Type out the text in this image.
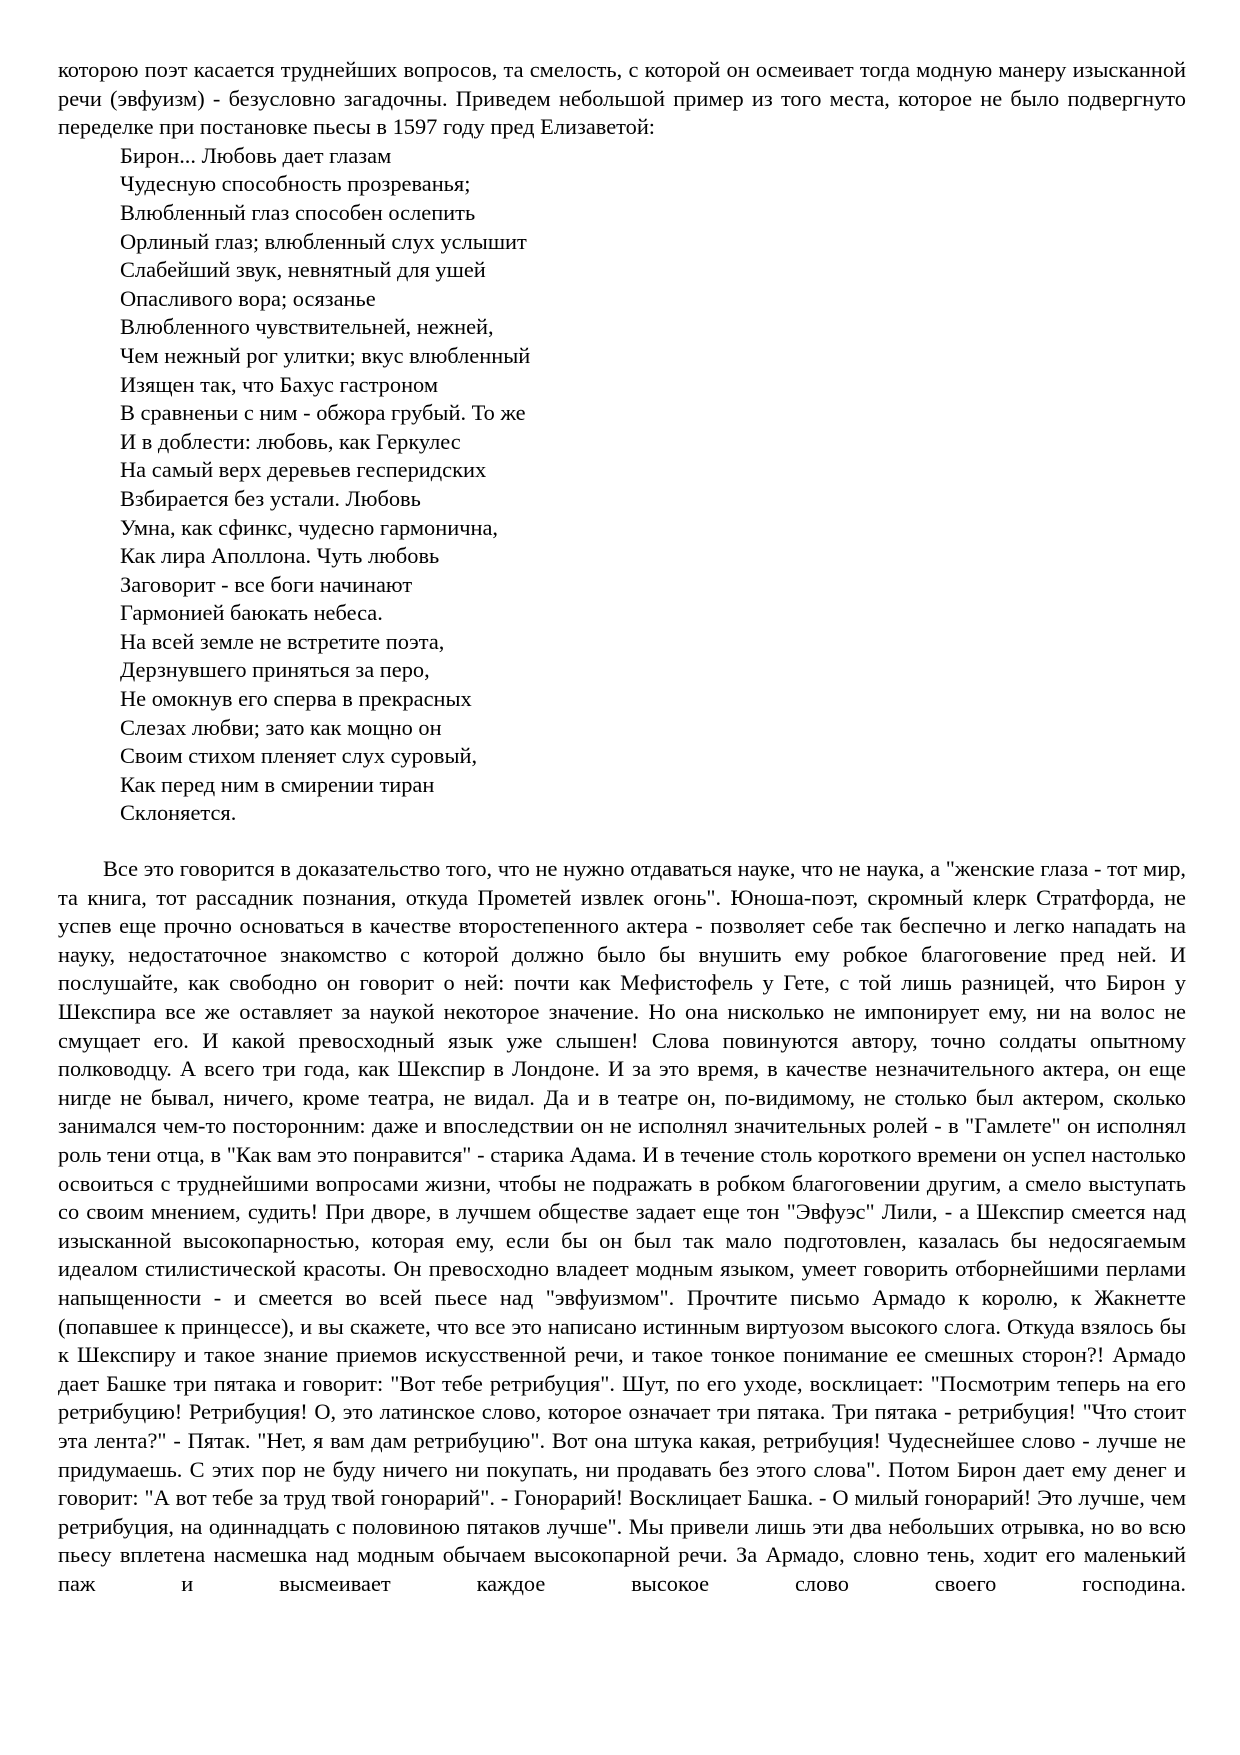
которою поэт касается труднейших вопросов, та смелость, с которой он осмеивает тогда модную манеру изысканной речи (эвфуизм) - безусловно загадочны. Приведем небольшой пример из того места, которое не было подвергнуто переделке при постановке пьесы в 1597 году пред Елизаветой:

Бирон... Любовь дает глазам
Чудесную способность прозреванья;
Влюбленный глаз способен ослепить
Орлиный глаз; влюбленный слух услышит
Слабейший звук, невнятный для ушей
Опасливого вора; осязанье
Влюбленного чувствительней, нежней,
Чем нежный рог улитки; вкус влюбленный
Изящен так, что Бахус гастроном
В сравненьи с ним - обжора грубый. То же
И в доблести: любовь, как Геркулес
На самый верх деревьев гесперидских
Взбирается без устали. Любовь
Умна, как сфинкс, чудесно гармонична,
Как лира Аполлона. Чуть любовь
Заговорит - все боги начинают
Гармонией баюкать небеса.
На всей земле не встретите поэта,
Дерзнувшего приняться за перо,
Не омокнув его сперва в прекрасных
Слезах любви; зато как мощно он
Своим стихом пленяет слух суровый,
Как перед ним в смирении тиран
Склоняется.

Все это говорится в доказательство того, что не нужно отдаваться науке, что не наука, а "женские глаза - тот мир, та книга, тот рассадник познания, откуда Прометей извлек огонь". Юноша-поэт, скромный клерк Стратфорда, не успев еще прочно основаться в качестве второстепенного актера - позволяет себе так беспечно и легко нападать на науку, недостаточное знакомство с которой должно было бы внушить ему робкое благоговение пред ней. И послушайте, как свободно он говорит о ней: почти как Мефистофель у Гете, с той лишь разницей, что Бирон у Шекспира все же оставляет за наукой некоторое значение. Но она нисколько не импонирует ему, ни на волос не смущает его. И какой превосходный язык уже слышен! Слова повинуются автору, точно солдаты опытному полководцу. А всего три года, как Шекспир в Лондоне. И за это время, в качестве незначительного актера, он еще нигде не бывал, ничего, кроме театра, не видал. Да и в театре он, по-видимому, не столько был актером, сколько занимался чем-то посторонним: даже и впоследствии он не исполнял значительных ролей - в "Гамлете" он исполнял роль тени отца, в "Как вам это понравится" - старика Адама. И в течение столь короткого времени он успел настолько освоиться с труднейшими вопросами жизни, чтобы не подражать в робком благоговении другим, а смело выступать со своим мнением, судить! При дворе, в лучшем обществе задает еще тон "Эвфуэс" Лили, - а Шекспир смеется над изысканной высокопарностью, которая ему, если бы он был так мало подготовлен, казалась бы недосягаемым идеалом стилистической красоты. Он превосходно владеет модным языком, умеет говорить отборнейшими перлами напыщенности - и смеется во всей пьесе над "эвфуизмом". Прочтите письмо Армадо к королю, к Жакнетте (попавшее к принцессе), и вы скажете, что все это написано истинным виртуозом высокого слога. Откуда взялось бы к Шекспиру и такое знание приемов искусственной речи, и такое тонкое понимание ее смешных сторон?! Армадо дает Башке три пятака и говорит: "Вот тебе ретрибуция". Шут, по его уходе, восклицает: "Посмотрим теперь на его ретрибуцию! Ретрибуция! О, это латинское слово, которое означает три пятака. Три пятака - ретрибуция! "Что стоит эта лента?" - Пятак. "Нет, я вам дам ретрибуцию". Вот она штука какая, ретрибуция! Чудеснейшее слово - лучше не придумаешь. С этих пор не буду ничего ни покупать, ни продавать без этого слова". Потом Бирон дает ему денег и говорит: "А вот тебе за труд твой гонорарий". - Гонорарий! Восклицает Башка. - О милый гонорарий! Это лучше, чем ретрибуция, на одиннадцать с половиною пятаков лучше". Мы привели лишь эти два небольших отрывка, но во всю пьесу вплетена насмешка над модным обычаем высокопарной речи. За Армадо, словно тень, ходит его маленький паж и высмеивает каждое высокое слово своего господина.
